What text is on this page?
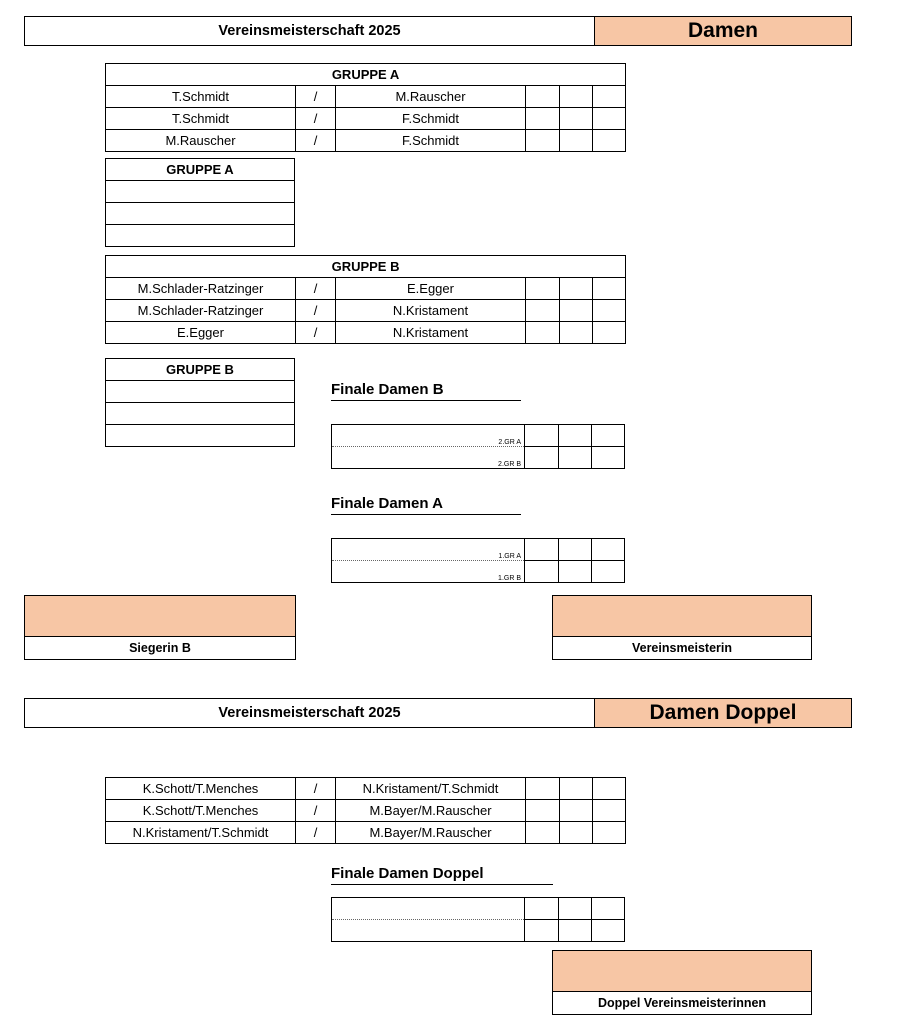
Vereinsmeisterschaft 2025	Damen
GRUPPE A					
T.Schmidt	/	M.Rauscher			
T.Schmidt	/	F.Schmidt			
M.Rauscher	/	F.Schmidt			
GRUPPE A

GRUPPE B					
M.Schlader-Ratzinger	/	E.Egger			
M.Schlader-Ratzinger	/	N.Kristament			
E.Egger	/	N.Kristament			
GRUPPE B

Finale Damen B
2.GR A			
2.GR B			
Finale Damen A
1.GR A			
1.GR B			
Siegerin B	Vereinsmeisterin
Vereinsmeisterschaft 2025	Damen Doppel
K.Schott/T.Menches	/	N.Kristament/T.Schmidt			
K.Schott/T.Menches	/	M.Bayer/M.Rauscher			
N.Kristament/T.Schmidt	/	M.Bayer/M.Rauscher			
Finale Damen Doppel

Doppel Vereinsmeisterinnen
